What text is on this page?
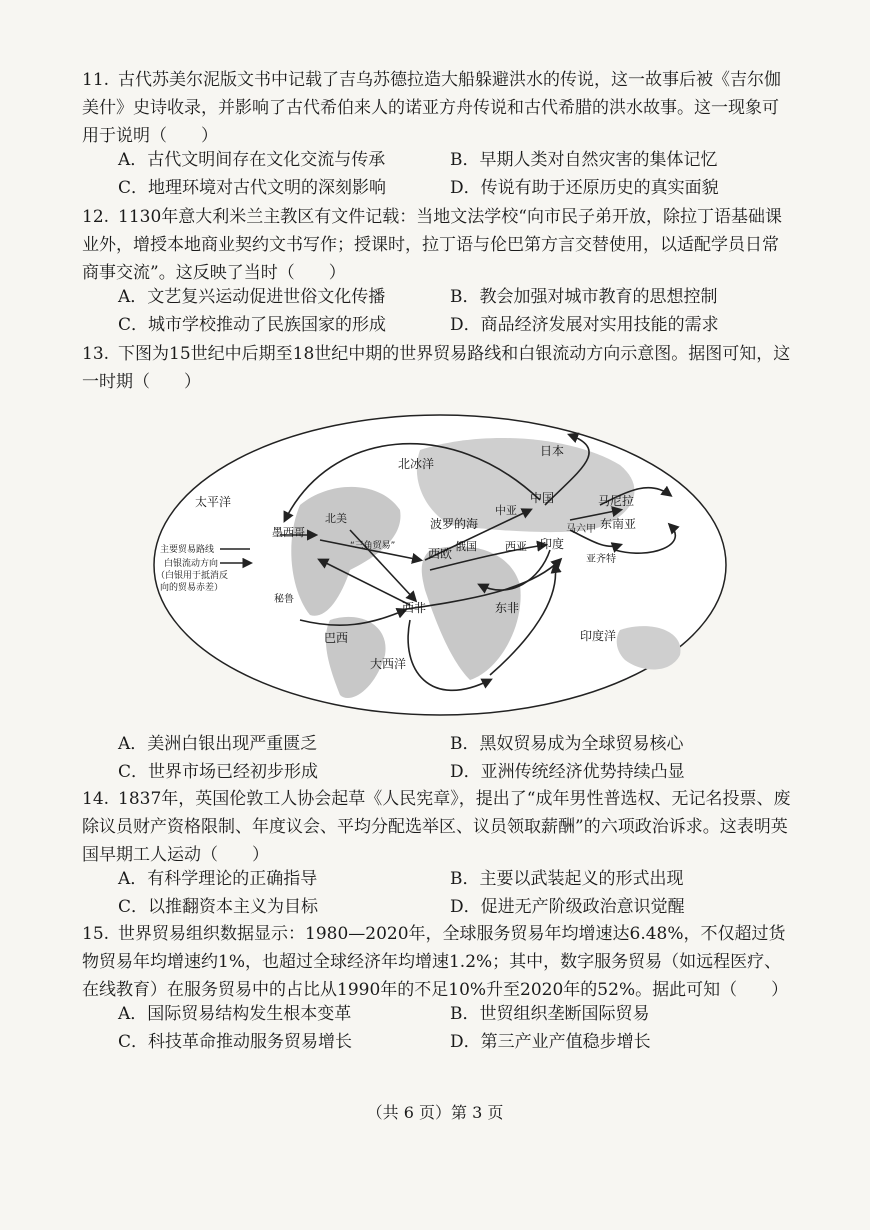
11. 古代苏美尔泥版文书中记载了吉乌苏德拉造大船躲避洪水的传说，这一故事后被《吉尔伽美什》史诗收录，并影响了古代希伯来人的诺亚方舟传说和古代希腊的洪水故事。这一现象可用于说明（　　）
A．古代文明间存在文化交流与传承	B．早期人类对自然灾害的集体记忆
C．地理环境对古代文明的深刻影响	D．传说有助于还原历史的真实面貌
12. 1130年意大利米兰主教区有文件记载：当地文法学校“向市民子弟开放，除拉丁语基础课业外，增授本地商业契约文书写作；授课时，拉丁语与伦巴第方言交替使用，以适配学员日常商事交流”。这反映了当时（　　）
A．文艺复兴运动促进世俗文化传播	B．教会加强对城市教育的思想控制
C．城市学校推动了民族国家的形成	D．商品经济发展对实用技能的需求
13. 下图为15世纪中后期至18世纪中期的世界贸易路线和白银流动方向示意图。据图可知，这一时期（　　）
北冰洋
太平洋
大西洋
印度洋
日本
中国	马尼拉
东南亚
马六甲
亚齐特
中亚
西亚 印度
俄国
波罗的海
西欧
西非	东非
北美
墨西哥
秘鲁
巴西
“三角贸易”
主要贸易路线
白银流动方向
（白银用于抵消反
向的贸易赤差）
A．美洲白银出现严重匮乏	B．黑奴贸易成为全球贸易核心
C．世界市场已经初步形成	D．亚洲传统经济优势持续凸显
14. 1837年，英国伦敦工人协会起草《人民宪章》，提出了“成年男性普选权、无记名投票、废除议员财产资格限制、年度议会、平均分配选举区、议员领取薪酬”的六项政治诉求。这表明英国早期工人运动（　　）
A．有科学理论的正确指导	B．主要以武装起义的形式出现
C．以推翻资本主义为目标	D．促进无产阶级政治意识觉醒
15. 世界贸易组织数据显示：1980—2020年，全球服务贸易年均增速达6.48%，不仅超过货物贸易年均增速约1%，也超过全球经济年均增速1.2%；其中，数字服务贸易（如远程医疗、在线教育）在服务贸易中的占比从1990年的不足10%升至2020年的52%。据此可知（　　）
A．国际贸易结构发生根本变革	B．世贸组织垄断国际贸易
C．科技革命推动服务贸易增长	D．第三产业产值稳步增长
（共 6 页）第 3 页
